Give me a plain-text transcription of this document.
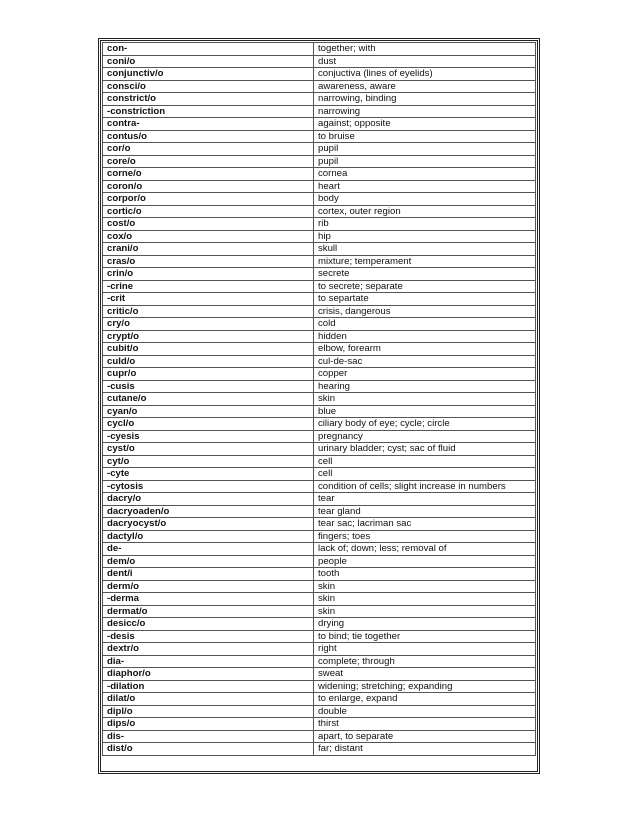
con-	together; with
coni/o	dust
conjunctiv/o	conjuctiva (lines of eyelids)
consci/o	awareness, aware
constrict/o	narrowing, binding
-constriction	narrowing
contra-	against; opposite
contus/o	to bruise
cor/o	pupil
core/o	pupil
corne/o	cornea
coron/o	heart
corpor/o	body
cortic/o	cortex, outer region
cost/o	rib
cox/o	hip
crani/o	skull
cras/o	mixture; temperament
crin/o	secrete
-crine	to secrete; separate
-crit	to separtate
critic/o	crisis, dangerous
cry/o	cold
crypt/o	hidden
cubit/o	elbow, forearm
culd/o	cul-de-sac
cupr/o	copper
-cusis	hearing
cutane/o	skin
cyan/o	blue
cycl/o	ciliary body of eye; cycle; circle
-cyesis	pregnancy
cyst/o	urinary bladder; cyst; sac of fluid
cyt/o	cell
-cyte	cell
-cytosis	condition of cells; slight increase in numbers
dacry/o	tear
dacryoaden/o	tear gland
dacryocyst/o	tear sac; lacriman sac
dactyl/o	fingers; toes
de-	lack of; down; less; removal of
dem/o	people
dent/i	tooth
derm/o	skin
-derma	skin
dermat/o	skin
desicc/o	drying
-desis	to bind; tie together
dextr/o	right
dia-	complete; through
diaphor/o	sweat
-dilation	widening; stretching; expanding
dilat/o	to enlarge, expand
dipl/o	double
dips/o	thirst
dis-	apart, to separate
dist/o	far; distant
